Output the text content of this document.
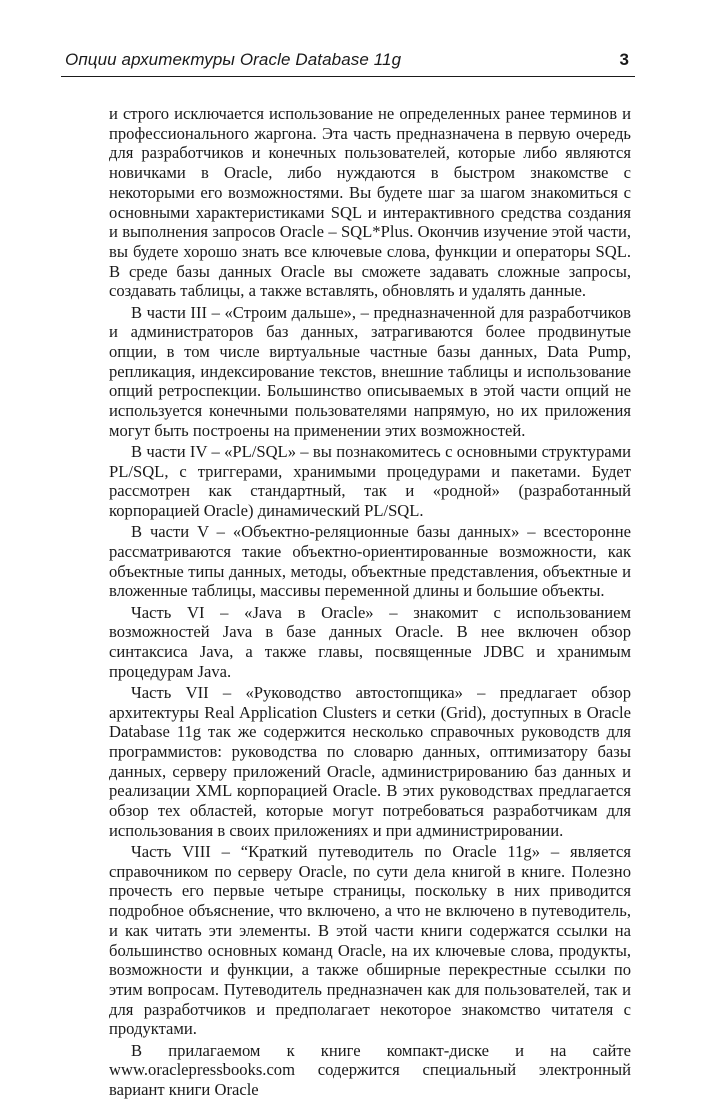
Опции архитектуры Oracle Database 11g	3

и строго исключается использование не определенных ранее терминов и профессионального жаргона. Эта часть предназначена в первую очередь для разработчиков и конечных пользователей, которые либо являются новичками в Oracle, либо нуждаются в быстром знакомстве с некоторыми его возможностями. Вы будете шаг за шагом знакомиться с основными характеристиками SQL и интерактивного средства создания и выполнения запросов Oracle – SQL*Plus. Окончив изучение этой части, вы будете хорошо знать все ключевые слова, функции и операторы SQL. В среде базы данных Oracle вы сможете задавать сложные запросы, создавать таблицы, а также вставлять, обновлять и удалять данные.

В части III – «Строим дальше», – предназначенной для разработчиков и администраторов баз данных, затрагиваются более продвинутые опции, в том числе виртуальные частные базы данных, Data Pump, репликация, индексирование текстов, внешние таблицы и использование опций ретроспекции. Большинство описываемых в этой части опций не используется конечными пользователями напрямую, но их приложения могут быть построены на применении этих возможностей.

В части IV – «PL/SQL» – вы познакомитесь с основными структурами PL/SQL, с триггерами, хранимыми процедурами и пакетами. Будет рассмотрен как стандартный, так и «родной» (разработанный корпорацией Oracle) динамический PL/SQL.

В части V – «Объектно-реляционные базы данных» – всесторонне рассматриваются такие объектно-ориентированные возможности, как объектные типы данных, методы, объектные представления, объектные и вложенные таблицы, массивы переменной длины и большие объекты.

Часть VI – «Java в Oracle» – знакомит с использованием возможностей Java в базе данных Oracle. В нее включен обзор синтаксиса Java, а также главы, посвященные JDBC и хранимым процедурам Java.

Часть VII – «Руководство автостопщика» – предлагает обзор архитектуры Real Application Clusters и сетки (Grid), доступных в Oracle Database 11g так же содержится несколько справочных руководств для программистов: руководства по словарю данных, оптимизатору базы данных, серверу приложений Oracle, администрированию баз данных и реализации XML корпорацией Oracle. В этих руководствах предлагается обзор тех областей, которые могут потребоваться разработчикам для использования в своих приложениях и при администрировании.

Часть VIII – “Краткий путеводитель по Oracle 11g» – является справочником по серверу Oracle, по сути дела книгой в книге. Полезно прочесть его первые четыре страницы, поскольку в них приводится подробное объяснение, что включено, а что не включено в путеводитель, и как читать эти элементы. В этой части книги содержатся ссылки на большинство основных команд Oracle, на их ключевые слова, продукты, возможности и функции, а также обширные перекрестные ссылки по этим вопросам. Путеводитель предназначен как для пользователей, так и для разработчиков и предполагает некоторое знакомство читателя с продуктами.

В прилагаемом к книге компакт-диске и на сайте www.oraclepressbooks.com содержится специальный электронный вариант книги Oracle
